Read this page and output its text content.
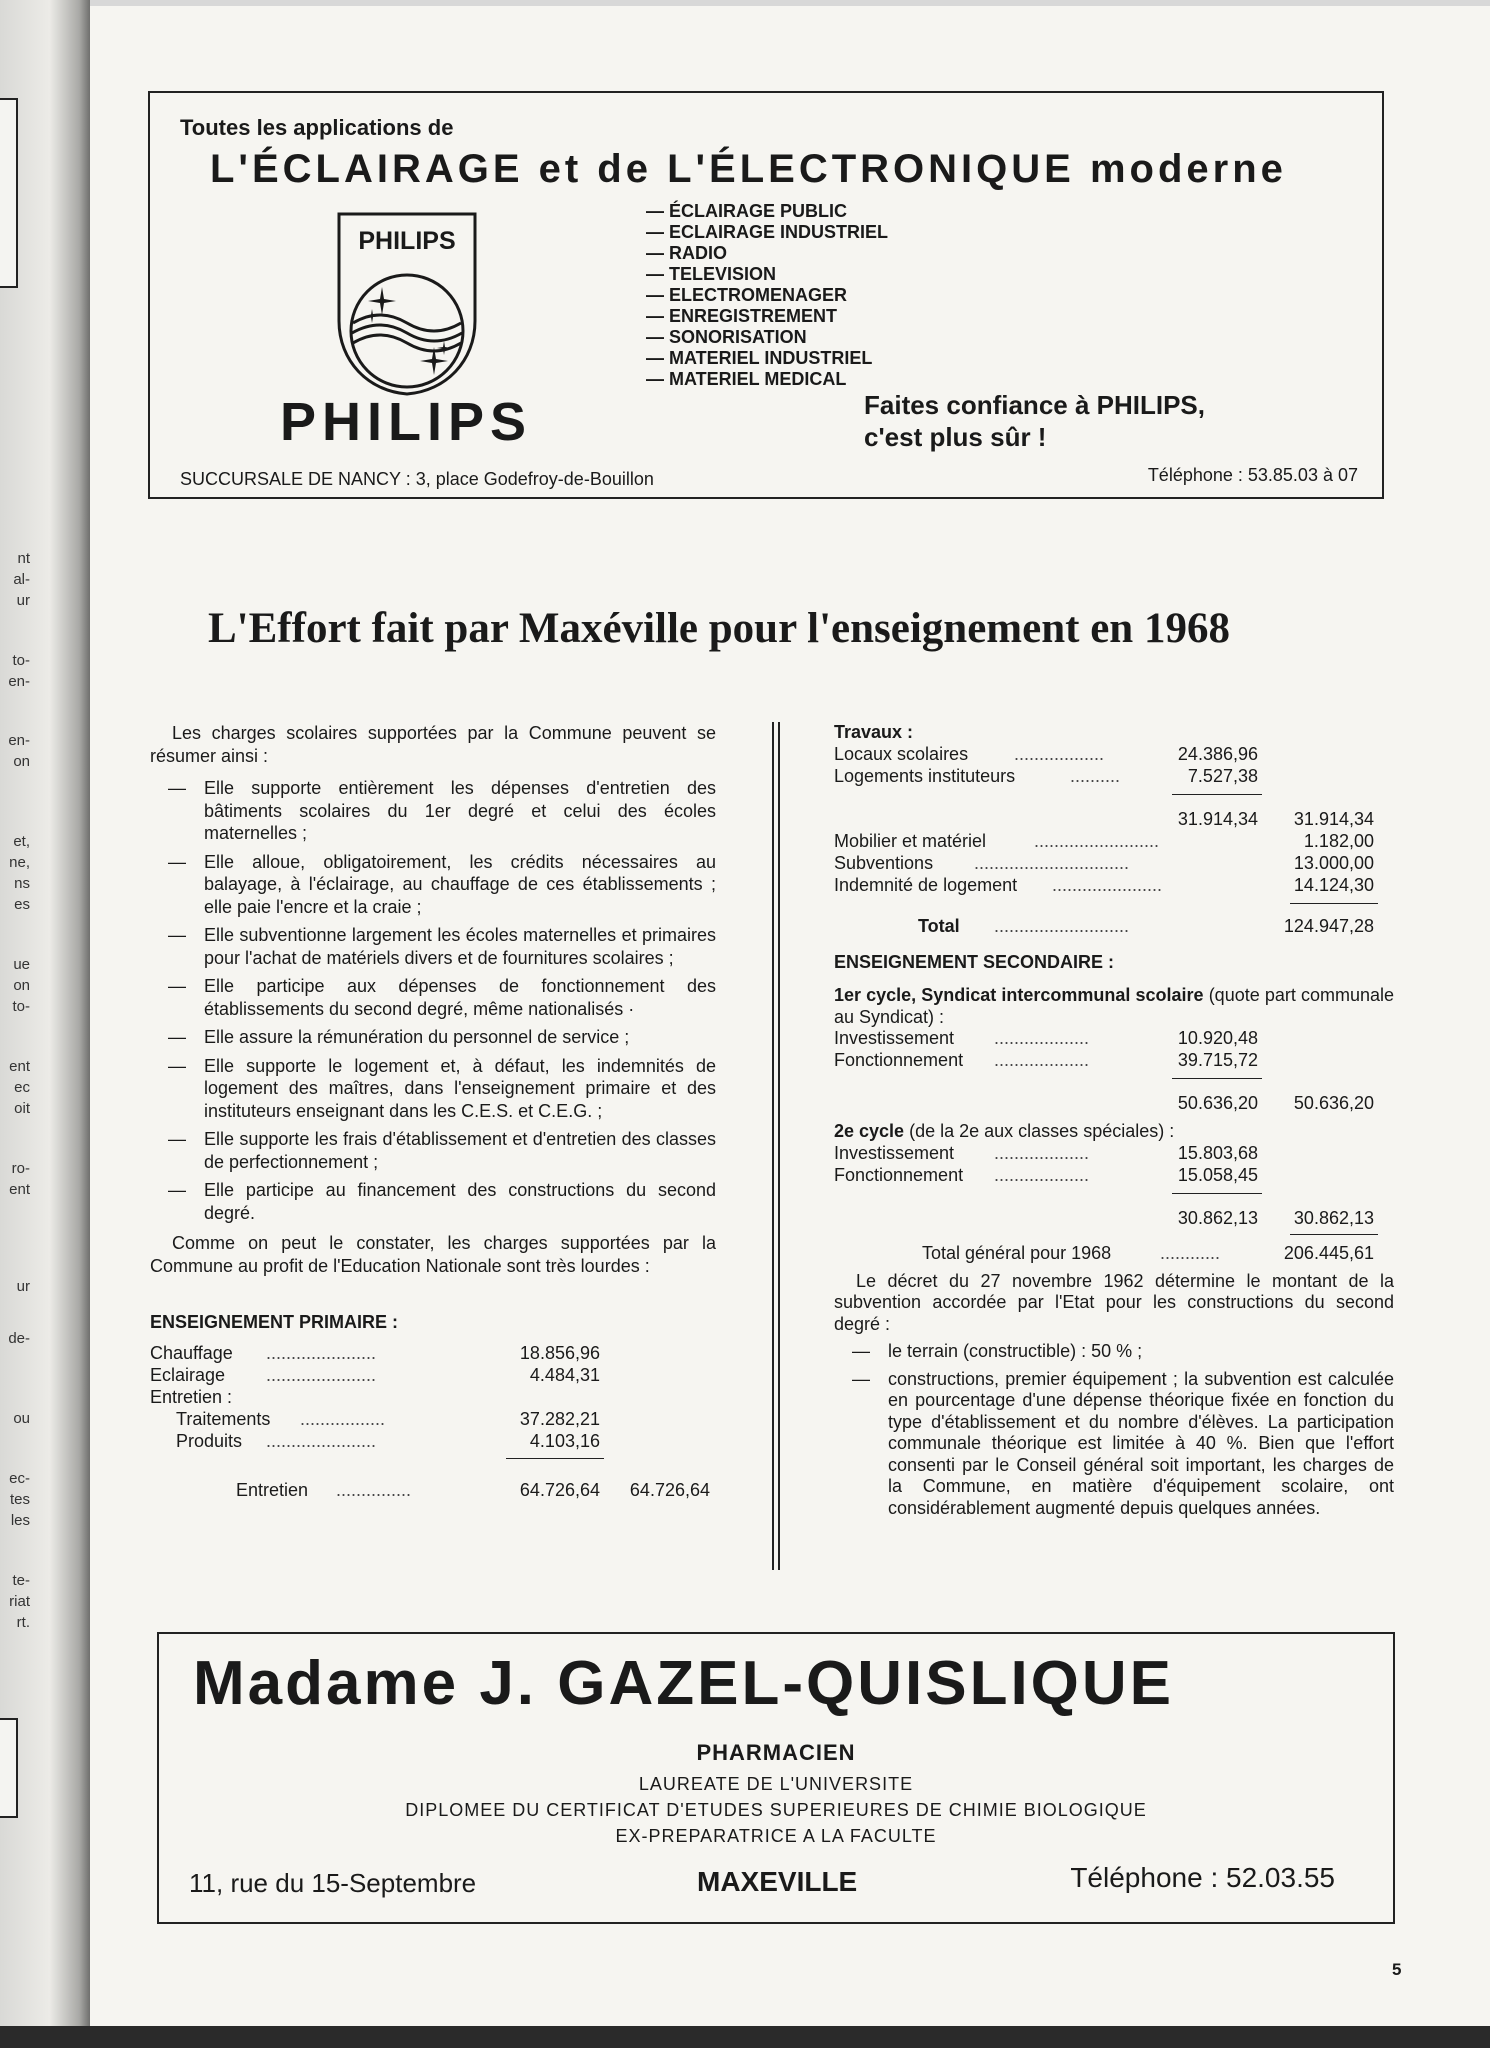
nt
al-
ur
to-
en-
en-
on
et,
ne,
ns
es
ue
on
to-
ent
ec
oit
ro-
ent
ur
de-
ou
ec-
tes
les
te-
riat
rt.
Toutes les applications de
L'ÉCLAIRAGE et de L'ÉLECTRONIQUE moderne
PHILIPS
PHILIPS
— ÉCLAIRAGE PUBLIC
— ECLAIRAGE INDUSTRIEL
— RADIO
— TELEVISION
— ELECTROMENAGER
— ENREGISTREMENT
— SONORISATION
— MATERIEL INDUSTRIEL
— MATERIEL MEDICAL
Faites confiance à PHILIPS,
c'est plus sûr !
SUCCURSALE DE NANCY : 3, place Godefroy-de-Bouillon	Téléphone : 53.85.03 à 07
L'Effort fait par Maxéville pour l'enseignement en 1968

Les charges scolaires supportées par la Commune peuvent se résumer ainsi :

— Elle supporte entièrement les dépenses d'entretien des bâtiments scolaires du 1er degré et celui des écoles maternelles ;
— Elle alloue, obligatoirement, les crédits nécessaires au balayage, à l'éclairage, au chauffage de ces établissements ; elle paie l'encre et la craie ;
— Elle subventionne largement les écoles maternelles et primaires pour l'achat de matériels divers et de fournitures scolaires ;
— Elle participe aux dépenses de fonctionnement des établissements du second degré, même nationalisés ·
— Elle assure la rémunération du personnel de service ;
— Elle supporte le logement et, à défaut, les indemnités de logement des maîtres, dans l'enseignement primaire et des instituteurs enseignant dans les C.E.S. et C.E.G. ;
— Elle supporte les frais d'établissement et d'entretien des classes de perfectionnement ;
— Elle participe au financement des constructions du second degré.

Comme on peut le constater, les charges supportées par la Commune au profit de l'Education Nationale sont très lourdes :

ENSEIGNEMENT PRIMAIRE :
Chauffage ......................	18.856,96
Eclairage ......................	4.484,31
Entretien :
Traitements .................	37.282,21
Produits ......................	4.103,16
Entretien ...............	64.726,64	64.726,64
Travaux :
Locaux scolaires	..................	24.386,96
Logements instituteurs	..........	7.527,38
31.914,34	31.914,34
Mobilier et matériel	.........................	1.182,00
Subventions ...............................	13.000,00
Indemnité de logement ......................	14.124,30
Total ...........................	124.947,28
ENSEIGNEMENT SECONDAIRE :

1er cycle, Syndicat intercommunal scolaire (quote part communale au Syndicat) :

Investissement ...................	10.920,48
Fonctionnement ...................	39.715,72
50.636,20	50.636,20

2e cycle (de la 2e aux classes spéciales) :

Investissement ...................	15.803,68
Fonctionnement ...................	15.058,45
30.862,13	30.862,13
Total général pour 1968	............	206.445,61

Le décret du 27 novembre 1962 détermine le montant de la subvention accordée par l'Etat pour les constructions du second degré :

— le terrain (constructible) : 50 % ;
— constructions, premier équipement ; la subvention est calculée en pourcentage d'une dépense théorique fixée en fonction du type d'établissement et du nombre d'élèves. La participation communale théorique est limitée à 40 %. Bien que l'effort consenti par le Conseil général soit important, les charges de la Commune, en matière d'équipement scolaire, ont considérablement augmenté depuis quelques années.
Madame J. GAZEL-QUISLIQUE
PHARMACIEN
LAUREATE DE L'UNIVERSITE
DIPLOMEE DU CERTIFICAT D'ETUDES SUPERIEURES DE CHIMIE BIOLOGIQUE
EX-PREPARATRICE A LA FACULTE
11, rue du 15-Septembre	MAXEVILLE	Téléphone : 52.03.55
5
